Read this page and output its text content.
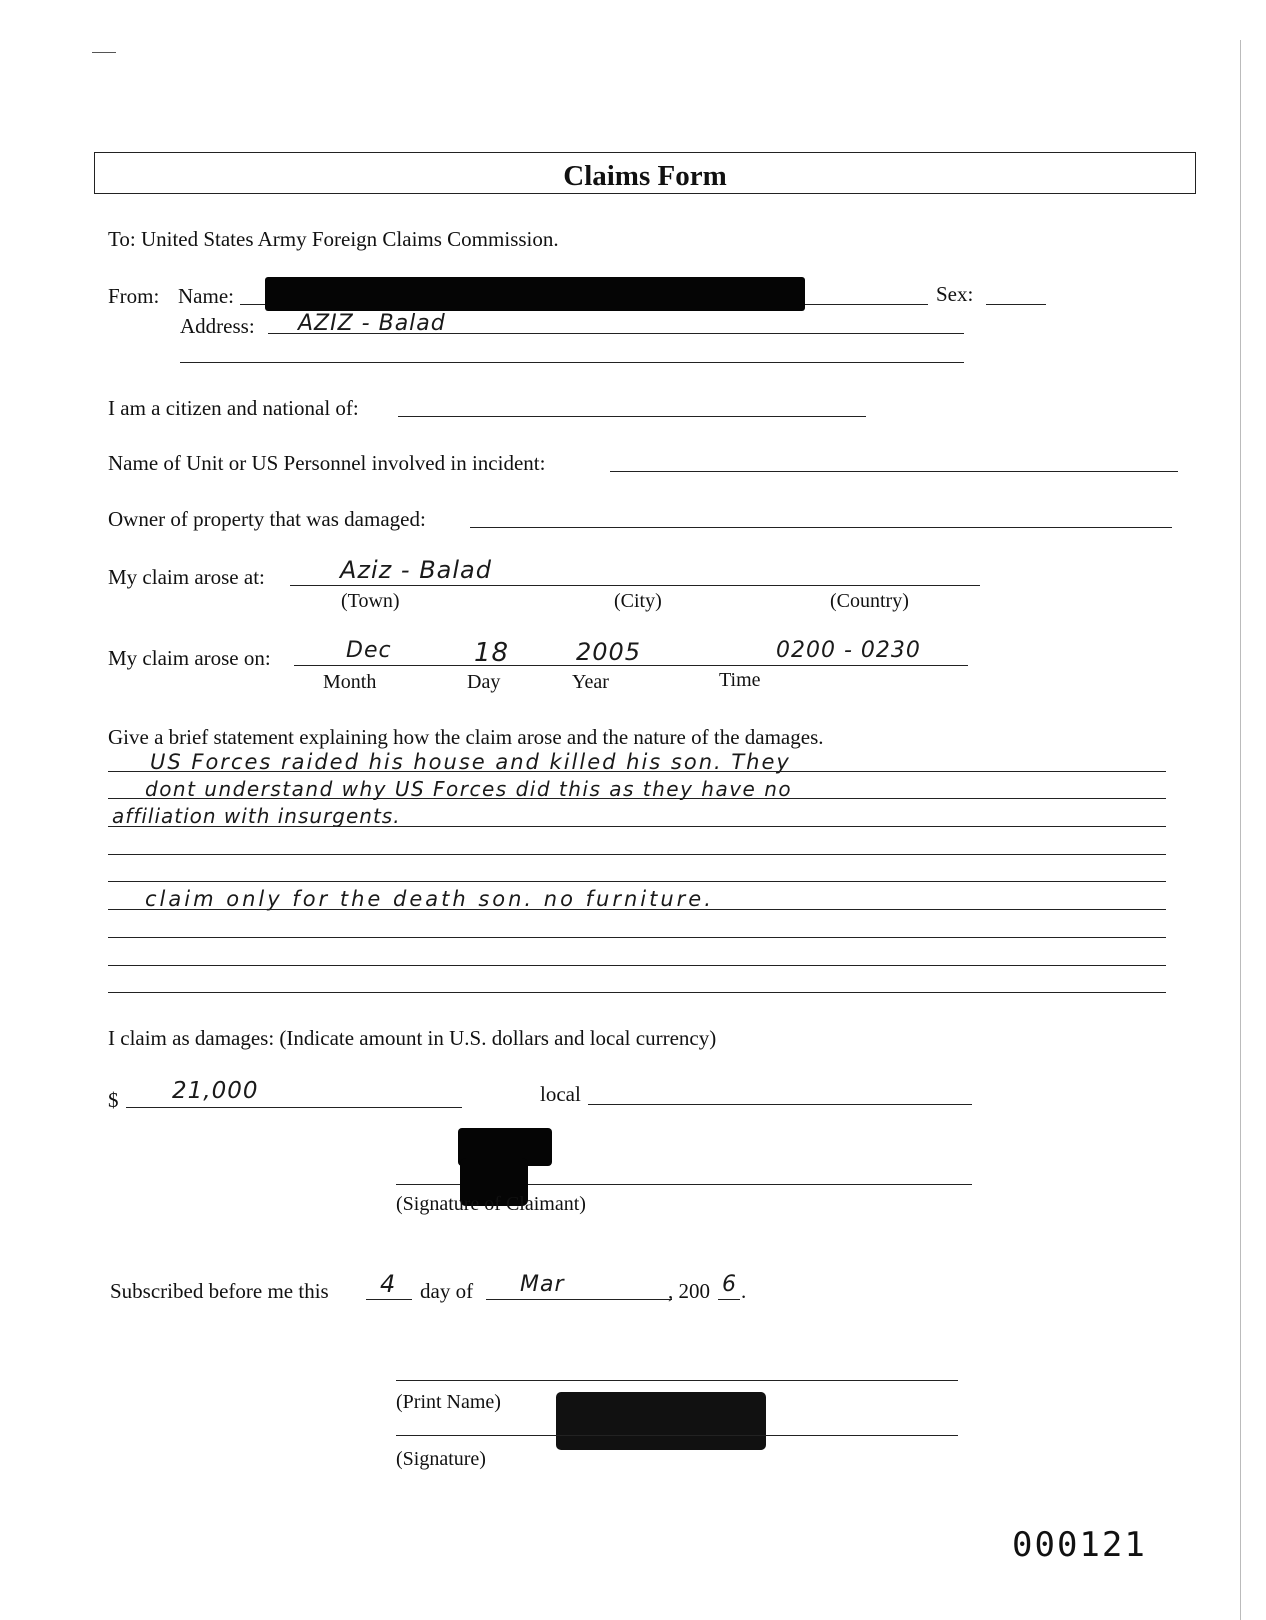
Claims Form
To: United States Army Foreign Claims Commission.
From: Name:	Sex:
Address: AZIZ - Balad
I am a citizen and national of:
Name of Unit or US Personnel involved in incident:
Owner of property that was damaged:
My claim arose at:	Aziz - Balad
(Town)	(City)	(Country)
My claim arose on:	Dec	18	2005	0200 - 0230
Month	Day	Year	Time
Give a brief statement explaining how the claim arose and the nature of the damages.
US Forces raided his house and killed his son. They
dont understand why US Forces did this as they have no
affiliation with insurgents.
claim only for the death son. no furniture.
I claim as damages: (Indicate amount in U.S. dollars and local currency)
$ 21,000	local
(Signature of Claimant)
Subscribed before me this 4 day of Mar	, 200 6 .
(Print Name)
(Signature)
000121
